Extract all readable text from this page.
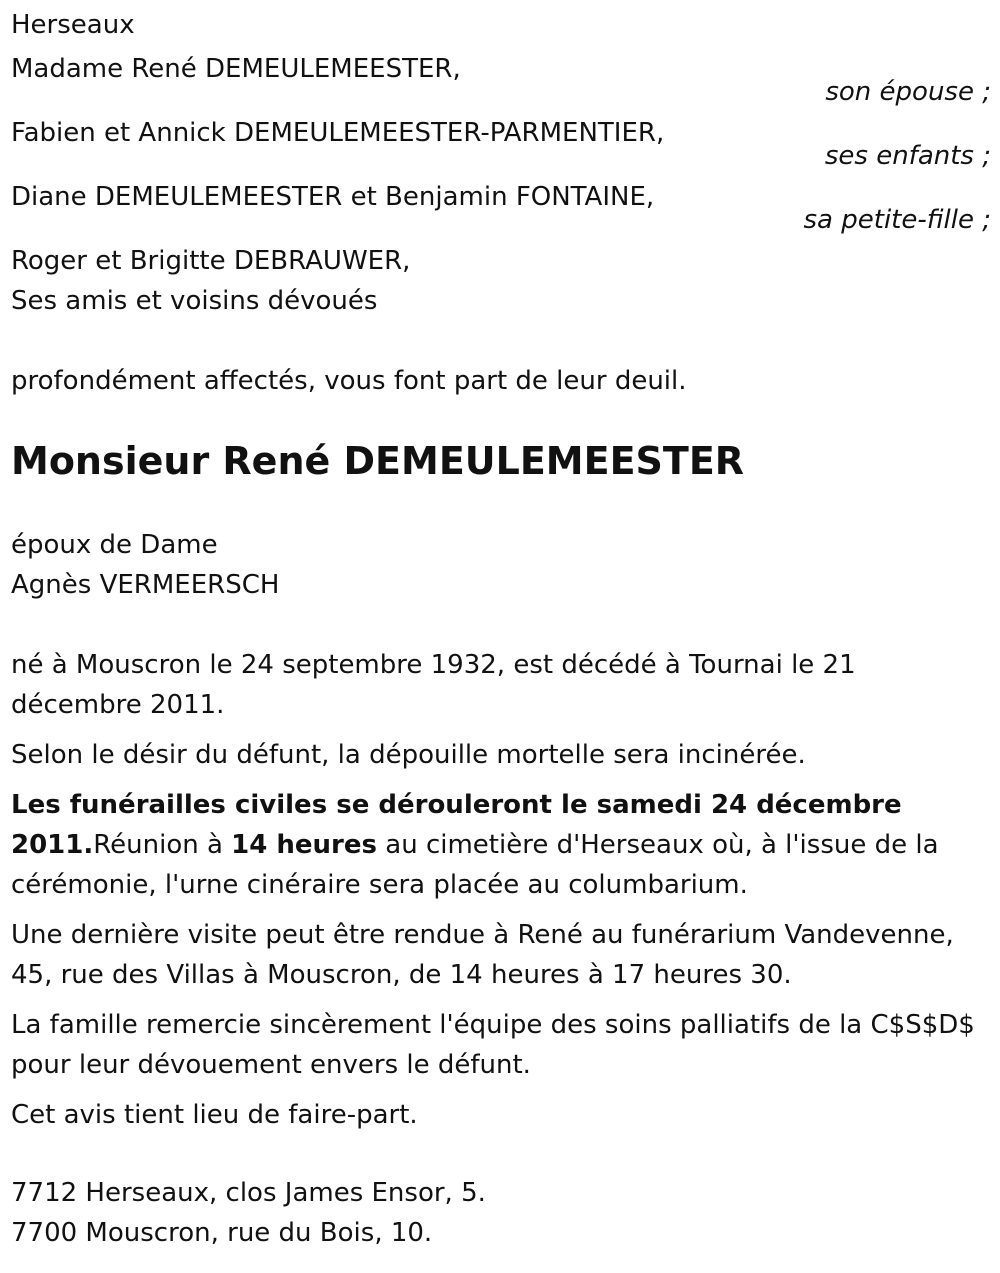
Herseaux
Madame René DEMEULEMEESTER,
son épouse ;
Fabien et Annick DEMEULEMEESTER-PARMENTIER,
ses enfants ;
Diane DEMEULEMEESTER et Benjamin FONTAINE,
sa petite-fille ;
Roger et Brigitte DEBRAUWER,
Ses amis et voisins dévoués
profondément affectés, vous font part de leur deuil.
Monsieur René DEMEULEMEESTER
époux de Dame
Agnès VERMEERSCH

né à Mouscron le 24 septembre 1932, est décédé à Tournai le 21 décembre 2011.

Selon le désir du défunt, la dépouille mortelle sera incinérée.

Les funérailles civiles se dérouleront le samedi 24 décembre 2011.Réunion à 14 heures au cimetière d'Herseaux où, à l'issue de la cérémonie, l'urne cinéraire sera placée au columbarium.

Une dernière visite peut être rendue à René au funérarium Vandevenne, 45, rue des Villas à Mouscron, de 14 heures à 17 heures 30.

La famille remercie sincèrement l'équipe des soins palliatifs de la C$S$D$ pour leur dévouement envers le défunt.

Cet avis tient lieu de faire-part.

7712 Herseaux, clos James Ensor, 5.
7700 Mouscron, rue du Bois, 10.
